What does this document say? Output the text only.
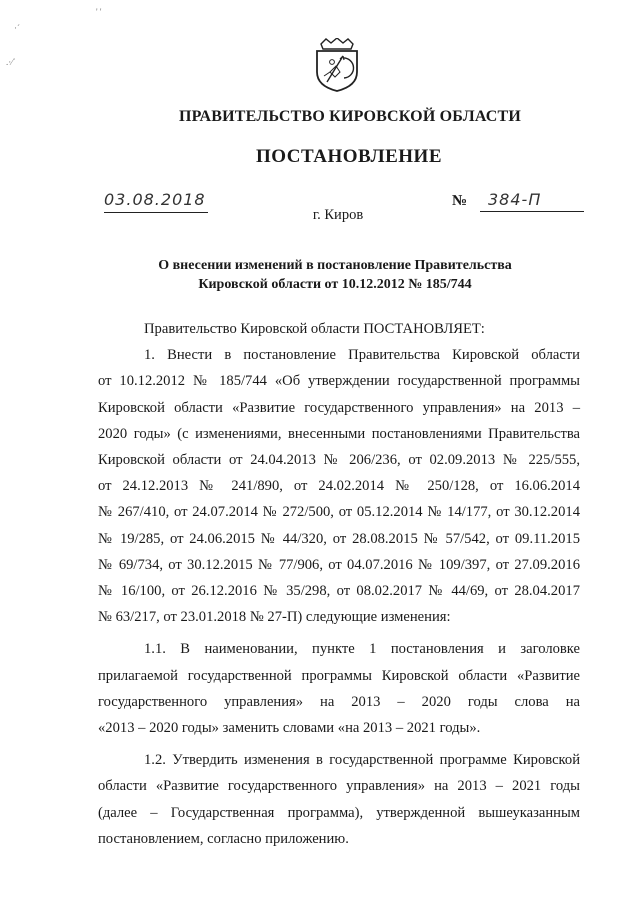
·´
' '
.·⁄˙
ПРАВИТЕЛЬСТВО КИРОВСКОЙ ОБЛАСТИ
ПОСТАНОВЛЕНИЕ
03.08.2018	№ 384-П
г. Киров
О внесении изменений в постановление Правительства
Кировской области от 10.12.2012 № 185/744

Правительство Кировской области ПОСТАНОВЛЯЕТ:

1. Внести в постановление Правительства Кировской области

от 10.12.2012 № 185/744 «Об утверждении государственной программы

Кировской области «Развитие государственного управления» на 2013 –

2020 годы» (с изменениями, внесенными постановлениями Правительства

Кировской области от 24.04.2013 № 206/236, от 02.09.2013 № 225/555,

от 24.12.2013 № 241/890, от 24.02.2014 № 250/128, от 16.06.2014

№ 267/410, от 24.07.2014 № 272/500, от 05.12.2014 № 14/177, от 30.12.2014

№ 19/285, от 24.06.2015 № 44/320, от 28.08.2015 № 57/542, от 09.11.2015

№ 69/734, от 30.12.2015 № 77/906, от 04.07.2016 № 109/397, от 27.09.2016

№ 16/100, от 26.12.2016 № 35/298, от 08.02.2017 № 44/69, от 28.04.2017

№ 63/217, от 23.01.2018 № 27-П) следующие изменения:

1.1. В наименовании, пункте 1 постановления и заголовке

прилагаемой государственной программы Кировской области «Развитие

государственного управления» на 2013 – 2020 годы слова на

«2013 – 2020 годы» заменить словами «на 2013 – 2021 годы».

1.2. Утвердить изменения в государственной программе Кировской

области «Развитие государственного управления» на 2013 – 2021 годы

(далее – Государственная программа), утвержденной вышеуказанным

постановлением, согласно приложению.
